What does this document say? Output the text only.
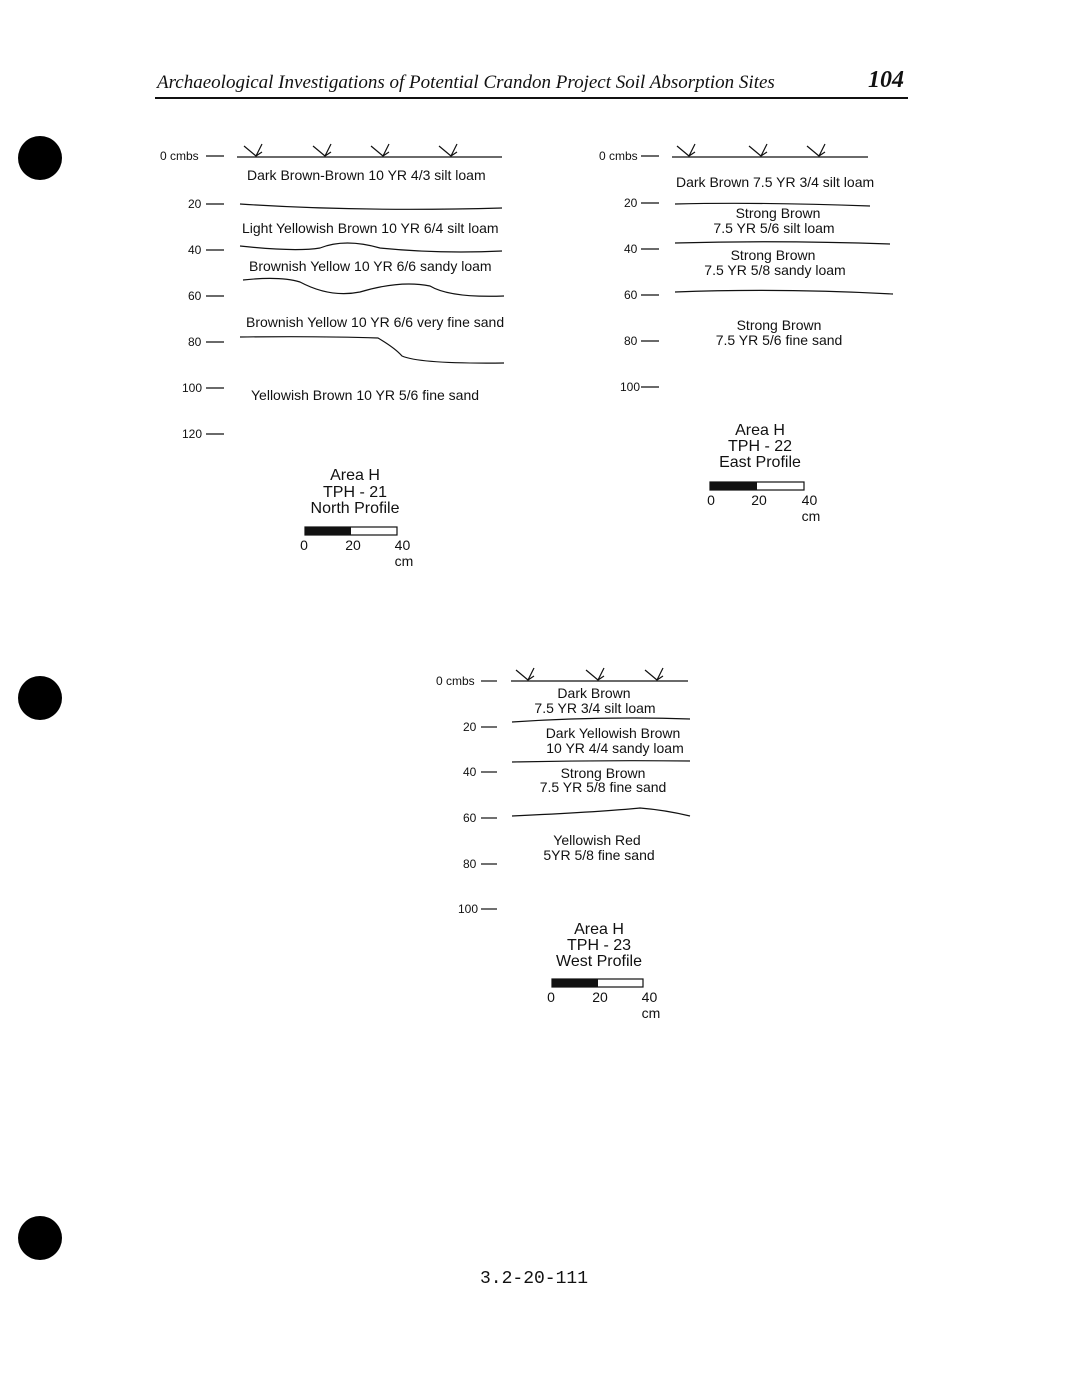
Archaeological Investigations of Potential Crandon Project Soil Absorption Sites	104
0 cmbs
20
40
60
80
100
120
Dark Brown-Brown 10 YR 4/3 silt loam
Light Yellowish Brown 10 YR 6/4 silt loam
Brownish Yellow 10 YR 6/6 sandy loam
Brownish Yellow 10 YR 6/6 very fine sand
Yellowish Brown 10 YR 5/6 fine sand
Area H
TPH - 21
North Profile
0	20 40 cm
0 cmbs
20
40
60
80
100
Dark Brown 7.5 YR 3/4 silt loam
Strong Brown
7.5 YR 5/6 silt loam
Strong Brown
7.5 YR 5/8 sandy loam
Strong Brown
7.5 YR 5/6 fine sand
Area H
TPH - 22
East Profile
0	20 40 cm
0 cmbs
20
40
60
80
100
Dark Brown
7.5 YR 3/4 silt loam
Dark Yellowish Brown
10 YR 4/4 sandy loam
Strong Brown
7.5 YR 5/8 fine sand
Yellowish Red
5YR 5/8 fine sand
Area H
TPH - 23
West Profile
0	20 40 cm
3.2-20-111
